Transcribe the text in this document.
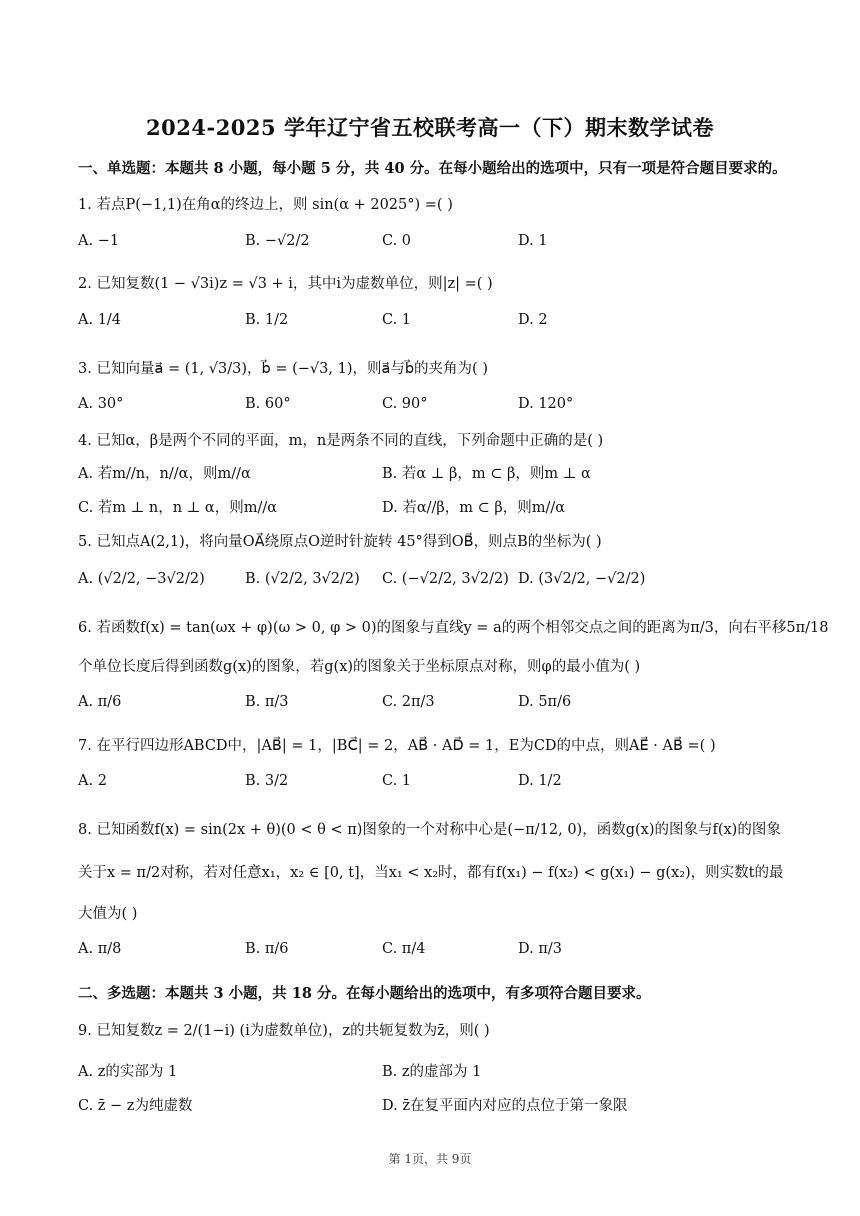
2024-2025 学年辽宁省五校联考高一（下）期末数学试卷
一、单选题：本题共 8 小题，每小题 5 分，共 40 分。在每小题给出的选项中，只有一项是符合题目要求的。
1. 若点P(−1,1)在角α的终边上，则 sin(α + 2025°) =( )
A. −1	B. −√2/2	C. 0	D. 1
2. 已知复数(1 − √3i)z = √3 + i，其中i为虚数单位，则|z| =( )
A. 1/4	B. 1/2	C. 1	D. 2
3. 已知向量a⃗ = (1, √3/3)，b⃗ = (−√3, 1)，则a⃗与b⃗的夹角为( )
A. 30°	B. 60°	C. 90°	D. 120°
4. 已知α，β是两个不同的平面，m，n是两条不同的直线，下列命题中正确的是( )
A. 若m//n，n//α，则m//α	B. 若α ⊥ β，m ⊂ β，则m ⊥ α
C. 若m ⊥ n，n ⊥ α，则m//α	D. 若α//β，m ⊂ β，则m//α
5. 已知点A(2,1)，将向量OA⃗绕原点O逆时针旋转 45°得到OB⃗，则点B的坐标为( )
A. (√2/2, −3√2/2)	B. (√2/2, 3√2/2) C. (−√2/2, 3√2/2) D. (3√2/2, −√2/2)
6. 若函数f(x) = tan(ωx + φ)(ω > 0, φ > 0)的图象与直线y = a的两个相邻交点之间的距离为π/3，向右平移5π/18
个单位长度后得到函数g(x)的图象，若g(x)的图象关于坐标原点对称，则φ的最小值为( )
A. π/6	B. π/3	C. 2π/3	D. 5π/6
7. 在平行四边形ABCD中，|AB⃗| = 1，|BC⃗| = 2，AB⃗ · AD⃗ = 1，E为CD的中点，则AE⃗ · AB⃗ =( )
A. 2	B. 3/2	C. 1	D. 1/2
8. 已知函数f(x) = sin(2x + θ)(0 < θ < π)图象的一个对称中心是(−π/12, 0)，函数g(x)的图象与f(x)的图象
关于x = π/2对称，若对任意x₁，x₂ ∈ [0, t]，当x₁ < x₂时，都有f(x₁) − f(x₂) < g(x₁) − g(x₂)，则实数t的最
大值为( )
A. π/8	B. π/6	C. π/4	D. π/3
二、多选题：本题共 3 小题，共 18 分。在每小题给出的选项中，有多项符合题目要求。
9. 已知复数z = 2/(1−i) (i为虚数单位)，z的共轭复数为z̄，则( )
A. z的实部为 1	B. z的虚部为 1
C. z̄ − z为纯虚数	D. z̄在复平面内对应的点位于第一象限
第 1页，共 9页
